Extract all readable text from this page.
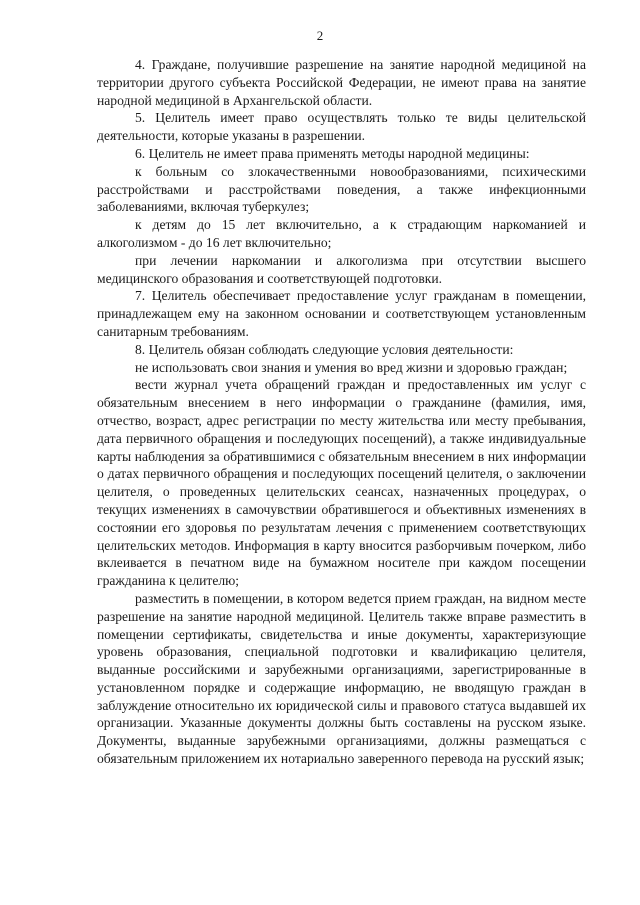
2

4. Граждане, получившие разрешение на занятие народной медициной на территории другого субъекта Российской Федерации, не имеют права на занятие народной медициной в Архангельской области.

5. Целитель имеет право осуществлять только те виды целительской деятельности, которые указаны в разрешении.

6. Целитель не имеет права применять методы народной медицины:

к больным со злокачественными новообразованиями, психическими расстройствами и расстройствами поведения, а также инфекционными заболеваниями, включая туберкулез;

к детям до 15 лет включительно, а к страдающим наркоманией и алкоголизмом - до 16 лет включительно;

при лечении наркомании и алкоголизма при отсутствии высшего медицинского образования и соответствующей подготовки.

7. Целитель обеспечивает предоставление услуг гражданам в помещении, принадлежащем ему на законном основании и соответствующем установленным санитарным требованиям.

8. Целитель обязан соблюдать следующие условия деятельности:

не использовать свои знания и умения во вред жизни и здоровью граждан;

вести журнал учета обращений граждан и предоставленных им услуг с обязательным внесением в него информации о гражданине (фамилия, имя, отчество, возраст, адрес регистрации по месту жительства или месту пребывания, дата первичного обращения и последующих посещений), а также индивидуальные карты наблюдения за обратившимися с обязательным внесением в них информации о датах первичного обращения и последующих посещений целителя, о заключении целителя, о проведенных целительских сеансах, назначенных процедурах, о текущих изменениях в самочувствии обратившегося и объективных изменениях в состоянии его здоровья по результатам лечения с применением соответствующих целительских методов. Информация в карту вносится разборчивым почерком, либо вклеивается в печатном виде на бумажном носителе при каждом посещении гражданина к целителю;

разместить в помещении, в котором ведется прием граждан, на видном месте разрешение на занятие народной медициной. Целитель также вправе разместить в помещении сертификаты, свидетельства и иные документы, характеризующие уровень образования, специальной подготовки и квалификацию целителя, выданные российскими и зарубежными организациями, зарегистрированные в установленном порядке и содержащие информацию, не вводящую граждан в заблуждение относительно их юридической силы и правового статуса выдавшей их организации. Указанные документы должны быть составлены на русском языке. Документы, выданные зарубежными организациями, должны размещаться с обязательным приложением их нотариально заверенного перевода на русский язык;
